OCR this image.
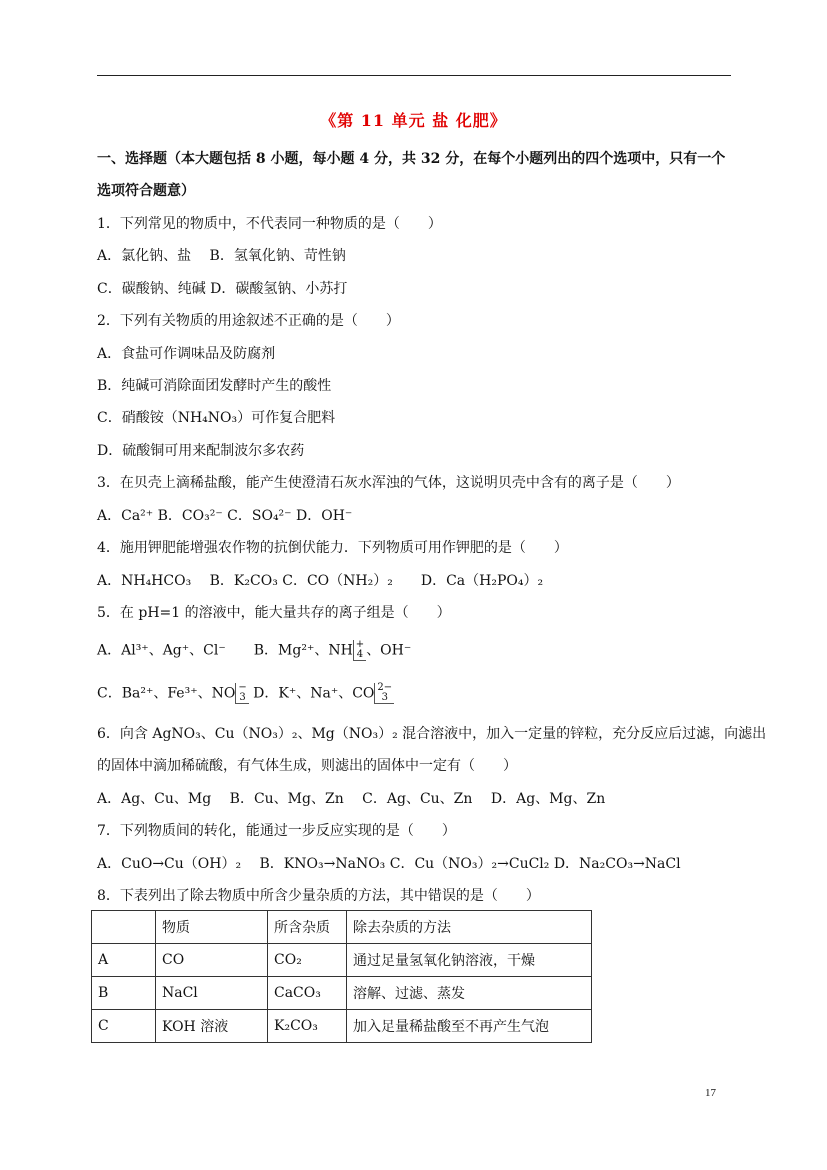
《第 11 单元 盐 化肥》
一、选择题（本大题包括 8 小题，每小题 4 分，共 32 分，在每个小题列出的四个选项中，只有一个
选项符合题意）
1．下列常见的物质中，不代表同一种物质的是（　　）
A．氯化钠、盐　 B．氢氧化钠、苛性钠
C．碳酸钠、纯碱 D．碳酸氢钠、小苏打
2．下列有关物质的用途叙述不正确的是（　　）
A．食盐可作调味品及防腐剂
B．纯碱可消除面团发酵时产生的酸性
C．硝酸铵（NH₄NO₃）可作复合肥料
D．硫酸铜可用来配制波尔多农药
3．在贝壳上滴稀盐酸，能产生使澄清石灰水浑浊的气体，这说明贝壳中含有的离子是（　　）
A．Ca²⁺ B．CO₃²⁻ C．SO₄²⁻ D．OH⁻
4．施用钾肥能增强农作物的抗倒伏能力．下列物质可用作钾肥的是（　　）
A．NH₄HCO₃　 B．K₂CO₃ C．CO（NH₂）₂　　D．Ca（H₂PO₄）₂
5．在 pH=1 的溶液中，能大量共存的离子组是（　　）
A．Al³⁺、Ag⁺、Cl⁻　　B．Mg²⁺、NH +
4 、OH⁻
C．Ba²⁺、Fe³⁺、NO −
3 D．K⁺、Na⁺、CO 2−
3
6．向含 AgNO₃、Cu（NO₃）₂、Mg（NO₃）₂ 混合溶液中，加入一定量的锌粒，充分反应后过滤，向滤出
的固体中滴加稀硫酸，有气体生成，则滤出的固体中一定有（　　）
A．Ag、Cu、Mg　 B．Cu、Mg、Zn　 C．Ag、Cu、Zn　 D．Ag、Mg、Zn
7．下列物质间的转化，能通过一步反应实现的是（　　）
A．CuO→Cu（OH）₂　 B．KNO₃→NaNO₃ C．Cu（NO₃）₂→CuCl₂ D．Na₂CO₃→NaCl
8．下表列出了除去物质中所含少量杂质的方法，其中错误的是（　　）
	物质	所含杂质	除去杂质的方法
A	CO	CO₂	通过足量氢氧化钠溶液，干燥
B	NaCl	CaCO₃	溶解、过滤、蒸发
C	KOH 溶液	K₂CO₃	加入足量稀盐酸至不再产生气泡
17
